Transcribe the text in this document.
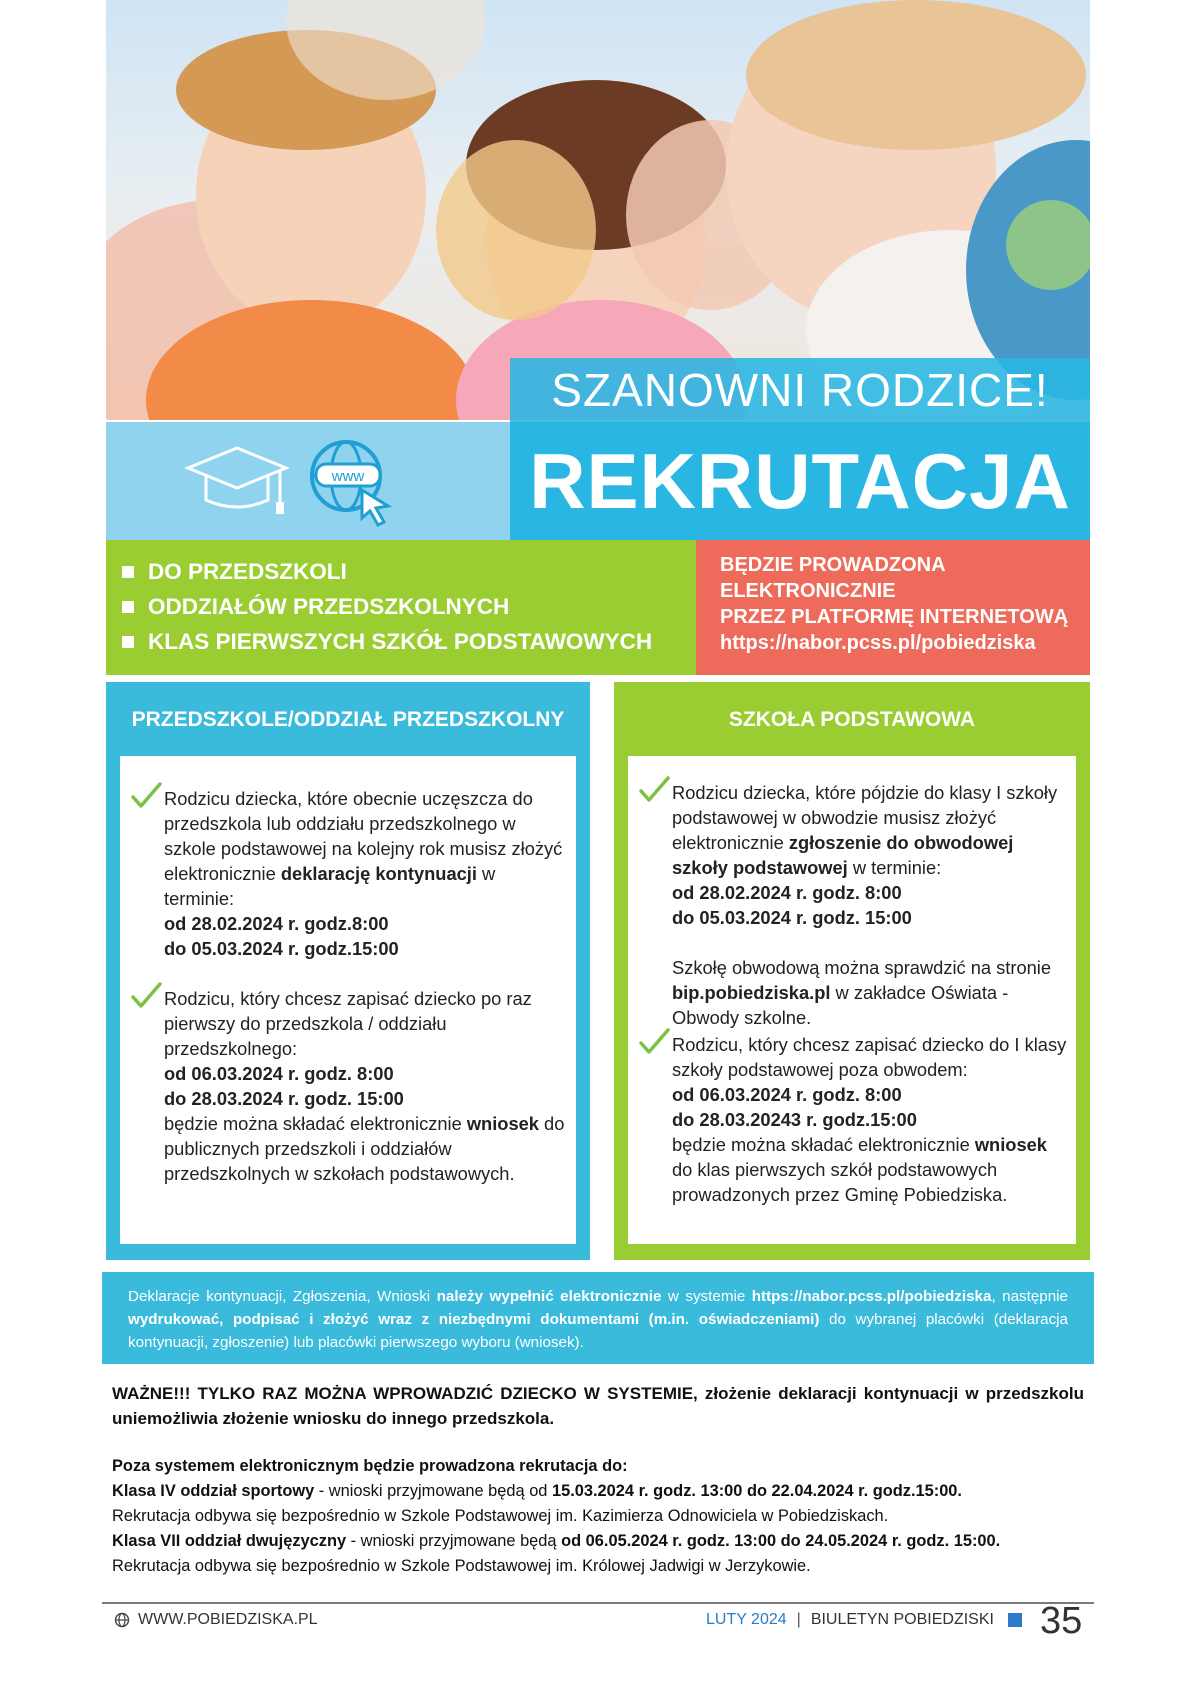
SZANOWNI RODZICE!
www REKRUTACJA
DO PRZEDSZKOLI
ODDZIAŁÓW PRZEDSZKOLNYCH
KLAS PIERWSZYCH SZKÓŁ PODSTAWOWYCH
BĘDZIE PROWADZONA
ELEKTRONICZNIE
PRZEZ PLATFORMĘ INTERNETOWĄ
https://nabor.pcss.pl/pobiedziska
PRZEDSZKOLE/ODDZIAŁ PRZEDSZKOLNY
Rodzicu dziecka, które obecnie uczęszcza do przedszkola lub oddziału przedszkolnego w szkole podstawowej na kolejny rok musisz złożyć elektronicznie deklarację kontynuacji w terminie:
od 28.02.2024 r. godz.8:00
do 05.03.2024 r. godz.15:00
Rodzicu, który chcesz zapisać dziecko po raz pierwszy do przedszkola / oddziału przedszkolnego:
od 06.03.2024 r. godz. 8:00
do 28.03.2024 r. godz. 15:00
będzie można składać elektronicznie wniosek do publicznych przedszkoli i oddziałów przedszkolnych w szkołach podstawowych.
SZKOŁA PODSTAWOWA
Rodzicu dziecka, które pójdzie do klasy I szkoły podstawowej w obwodzie musisz złożyć elektronicznie zgłoszenie do obwodowej szkoły podstawowej w terminie:
od 28.02.2024 r. godz. 8:00
do 05.03.2024 r. godz. 15:00
Szkołę obwodową można sprawdzić na stronie bip.pobiedziska.pl w zakładce Oświata - Obwody szkolne.
Rodzicu, który chcesz zapisać dziecko do I klasy szkoły podstawowej poza obwodem:
od 06.03.2024 r. godz. 8:00
do 28.03.20243 r. godz.15:00
będzie można składać elektronicznie wniosek do klas pierwszych szkół podstawowych prowadzonych przez Gminę Pobiedziska.
Deklaracje kontynuacji, Zgłoszenia, Wnioski należy wypełnić elektronicznie w systemie https://nabor.pcss.pl/pobiedziska, następnie wydrukować, podpisać i złożyć wraz z niezbędnymi dokumentami (m.in. oświadczeniami) do wybranej placówki (deklaracja kontynuacji, zgłoszenie) lub placówki pierwszego wyboru (wniosek).
WAŻNE!!! TYLKO RAZ MOŻNA WPROWADZIĆ DZIECKO W SYSTEMIE, złożenie deklaracji kontynuacji w przedszkolu uniemożliwia złożenie wniosku do innego przedszkola.
Poza systemem elektronicznym będzie prowadzona rekrutacja do:
Klasa IV oddział sportowy - wnioski przyjmowane będą od 15.03.2024 r. godz. 13:00 do 22.04.2024 r. godz.15:00.
Rekrutacja odbywa się bezpośrednio w Szkole Podstawowej im. Kazimierza Odnowiciela w Pobiedziskach.
Klasa VII oddział dwujęzyczny - wnioski przyjmowane będą od 06.05.2024 r. godz. 13:00 do 24.05.2024 r. godz. 15:00.
Rekrutacja odbywa się bezpośrednio w Szkole Podstawowej im. Królowej Jadwigi w Jerzykowie.
WWW.POBIEDZISKA.PL	LUTY 2024 | BIULETYN POBIEDZISKI 35
